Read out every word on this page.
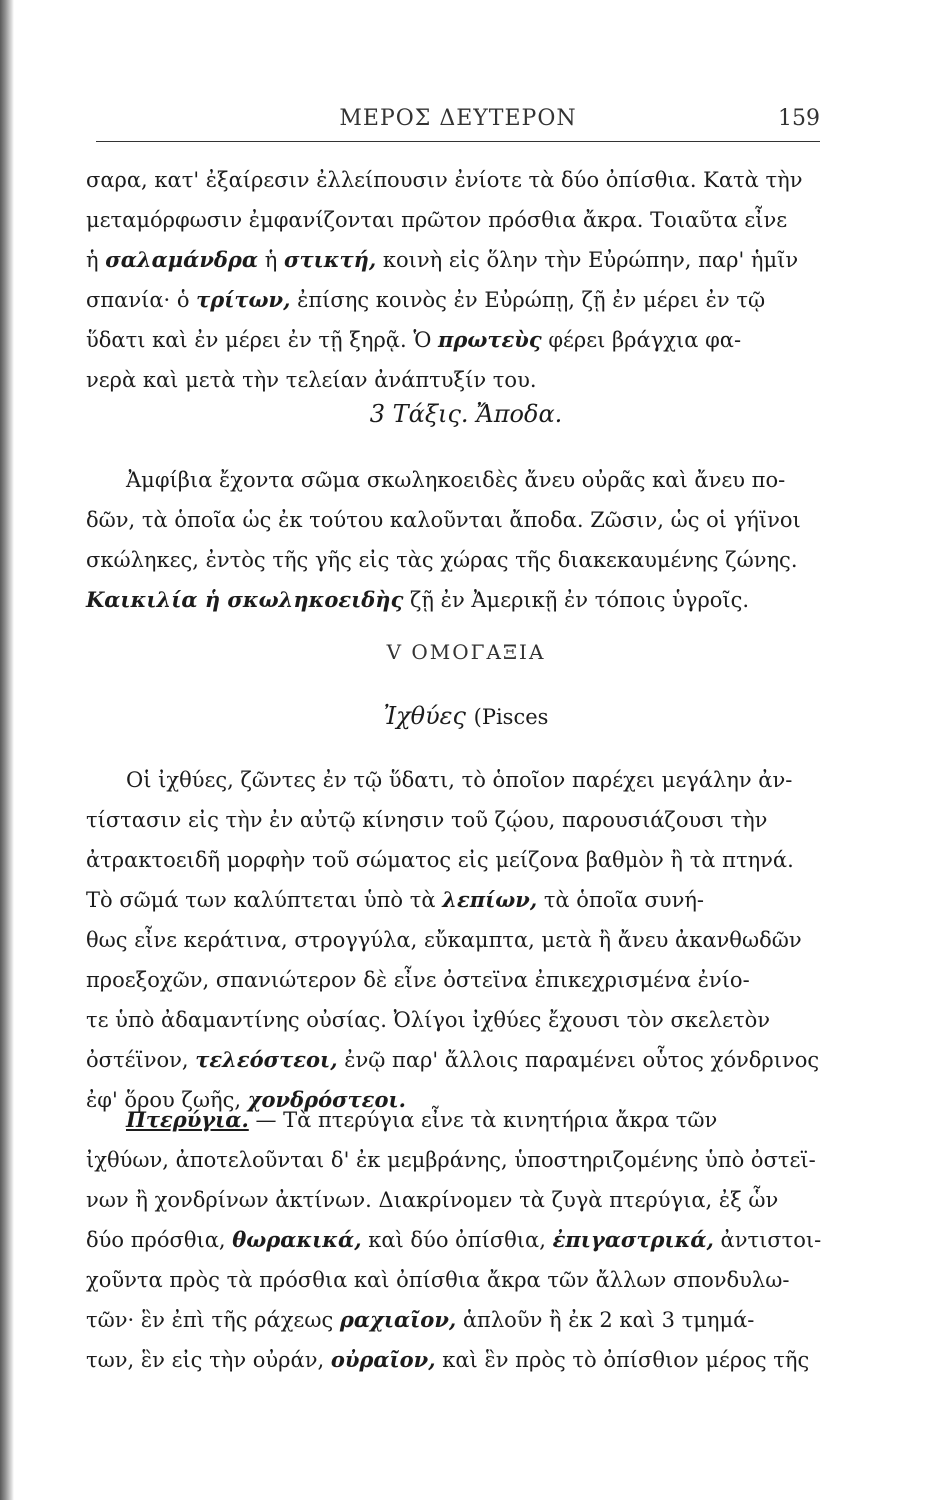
ΜΕΡΟΣ ΔΕΥΤΕΡΟΝ	159
σαρα, κατ' ἐξαίρεσιν ἐλλείπουσιν ἐνίοτε τὰ δύο ὀπίσθια. Κατὰ τὴν
μεταμόρφωσιν ἐμφανίζονται πρῶτον πρόσθια ἄκρα. Τοιαῦτα εἶνε
ἡ σαλαμάνδρα ἡ στικτή, κοινὴ εἰς ὅλην τὴν Εὐρώπην, παρ' ἡμῖν
σπανία· ὁ τρίτων, ἐπίσης κοινὸς ἐν Εὐρώπῃ, ζῇ ἐν μέρει ἐν τῷ
ὕδατι καὶ ἐν μέρει ἐν τῇ ξηρᾷ. Ὁ πρωτεὺς φέρει βράγχια φα-
νερὰ καὶ μετὰ τὴν τελείαν ἀνάπτυξίν του.
3 Τάξις. Ἄποδα.
Ἀμφίβια ἔχοντα σῶμα σκωληκοειδὲς ἄνευ οὐρᾶς καὶ ἄνευ πο-
δῶν, τὰ ὁποῖα ὡς ἐκ τούτου καλοῦνται ἄποδα. Ζῶσιν, ὡς οἱ γήϊνοι
σκώληκες, ἐντὸς τῆς γῆς εἰς τὰς χώρας τῆς διακεκαυμένης ζώνης.
Καικιλία ἡ σκωληκοειδὴς ζῇ ἐν Ἀμερικῇ ἐν τόποις ὑγροῖς.
V ΟΜΟΓΑΞΙΑ
Ἰχθύες (Pisces
Οἱ ἰχθύες, ζῶντες ἐν τῷ ὕδατι, τὸ ὁποῖον παρέχει μεγάλην ἀν-
τίστασιν εἰς τὴν ἐν αὐτῷ κίνησιν τοῦ ζῴου, παρουσιάζουσι τὴν
ἀτρακτοειδῆ μορφὴν τοῦ σώματος εἰς μείζονα βαθμὸν ἢ τὰ πτηνά.
Τὸ σῶμά των καλύπτεται ὑπὸ τὰ λεπίων, τὰ ὁποῖα συνή-
θως εἶνε κεράτινα, στρογγύλα, εὔκαμπτα, μετὰ ἢ ἄνευ ἀκανθωδῶν
προεξοχῶν, σπανιώτερον δὲ εἶνε ὀστεϊνα ἐπικεχρισμένα ἐνίο-
τε ὑπὸ ἀδαμαντίνης οὐσίας. Ὀλίγοι ἰχθύες ἔχουσι τὸν σκελετὸν
ὀστέϊνον, τελεόστεοι, ἐνῷ παρ' ἄλλοις παραμένει οὗτος χόνδρινος
ἐφ' ὅρου ζωῆς, χονδρόστεοι.
Πτερύγια. — Τὰ πτερύγια εἶνε τὰ κινητήρια ἄκρα τῶν
ἰχθύων, ἀποτελοῦνται δ' ἐκ μεμβράνης, ὑποστηριζομένης ὑπὸ ὀστεϊ-
νων ἢ χονδρίνων ἀκτίνων. Διακρίνομεν τὰ ζυγὰ πτερύγια, ἐξ ὧν
δύο πρόσθια, θωρακικά, καὶ δύο ὀπίσθια, ἐπιγαστρικά, ἀντιστοι-
χοῦντα πρὸς τὰ πρόσθια καὶ ὀπίσθια ἄκρα τῶν ἄλλων σπονδυλω-
τῶν· ἓν ἐπὶ τῆς ράχεως ραχιαῖον, ἁπλοῦν ἢ ἐκ 2 καὶ 3 τμημά-
των, ἓν εἰς τὴν οὐράν, οὐραῖον, καὶ ἓν πρὸς τὸ ὀπίσθιον μέρος τῆς
